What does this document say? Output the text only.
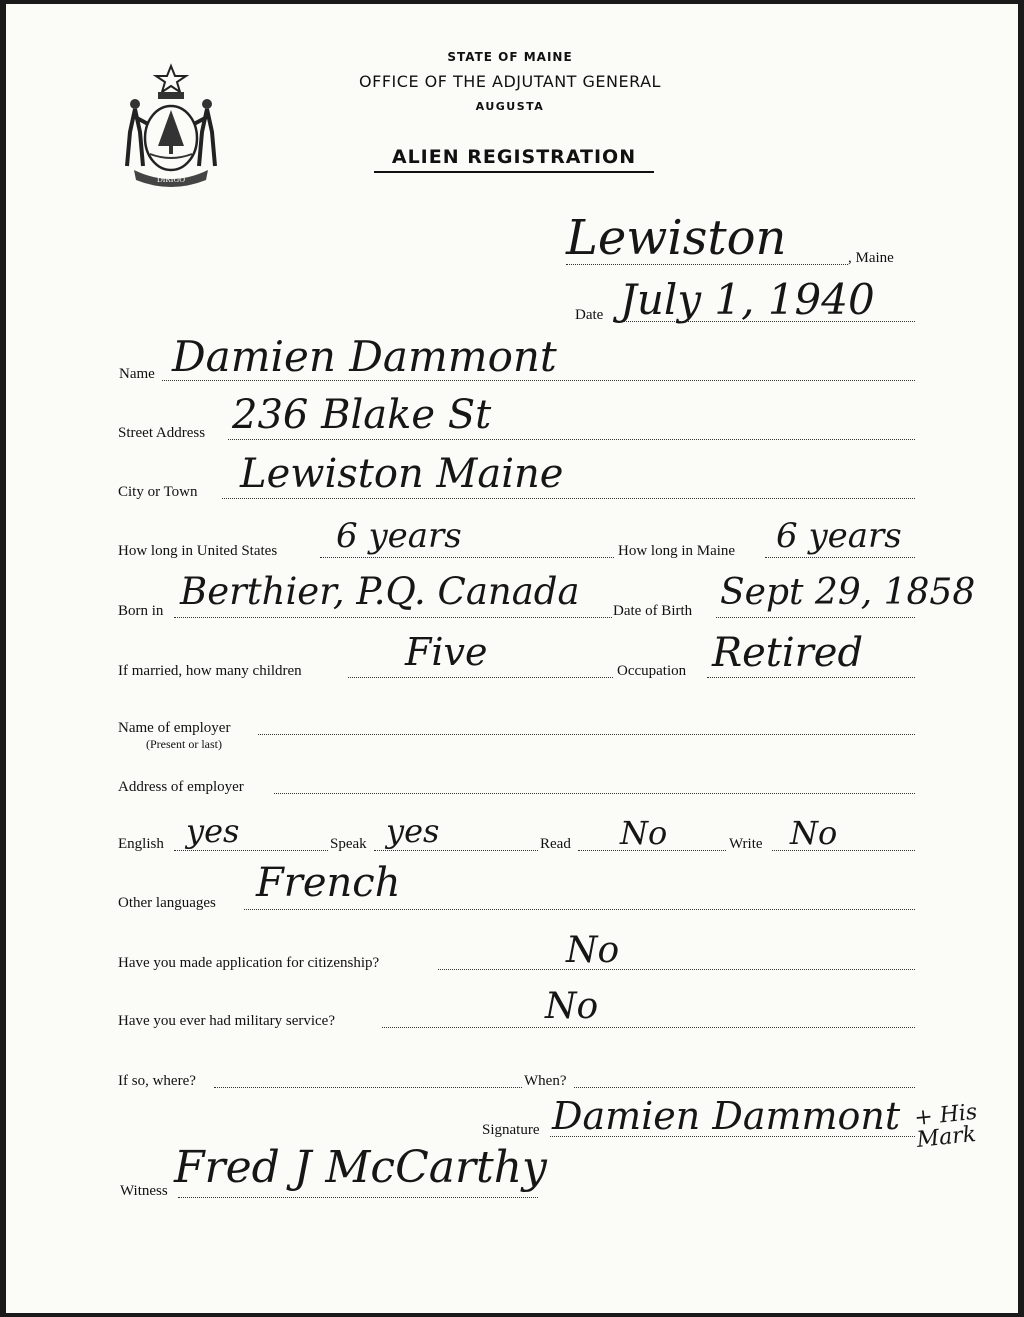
DIRIGO
STATE OF MAINE
OFFICE OF THE ADJUTANT GENERAL
AUGUSTA
ALIEN REGISTRATION
, Maine
Lewiston
Date July 1, 1940
Name Damien Dammont
Street Address 236 Blake St
City or Town Lewiston Maine
How long in United States 6 years	How long in Maine 6 years
Born in Berthier, P.Q. Canada Date of Birth Sept 29, 1858
If married, how many children	Five	Occupation Retired
Name of employer
(Present or last)
Address of employer
English yes	Speak yes	Read No	Write No
Other languages French
Have you made application for citizenship?	No
Have you ever had military service?	No
If so, where?	When?
Signature Damien Dammont + His Mark
Witness Fred J McCarthy
